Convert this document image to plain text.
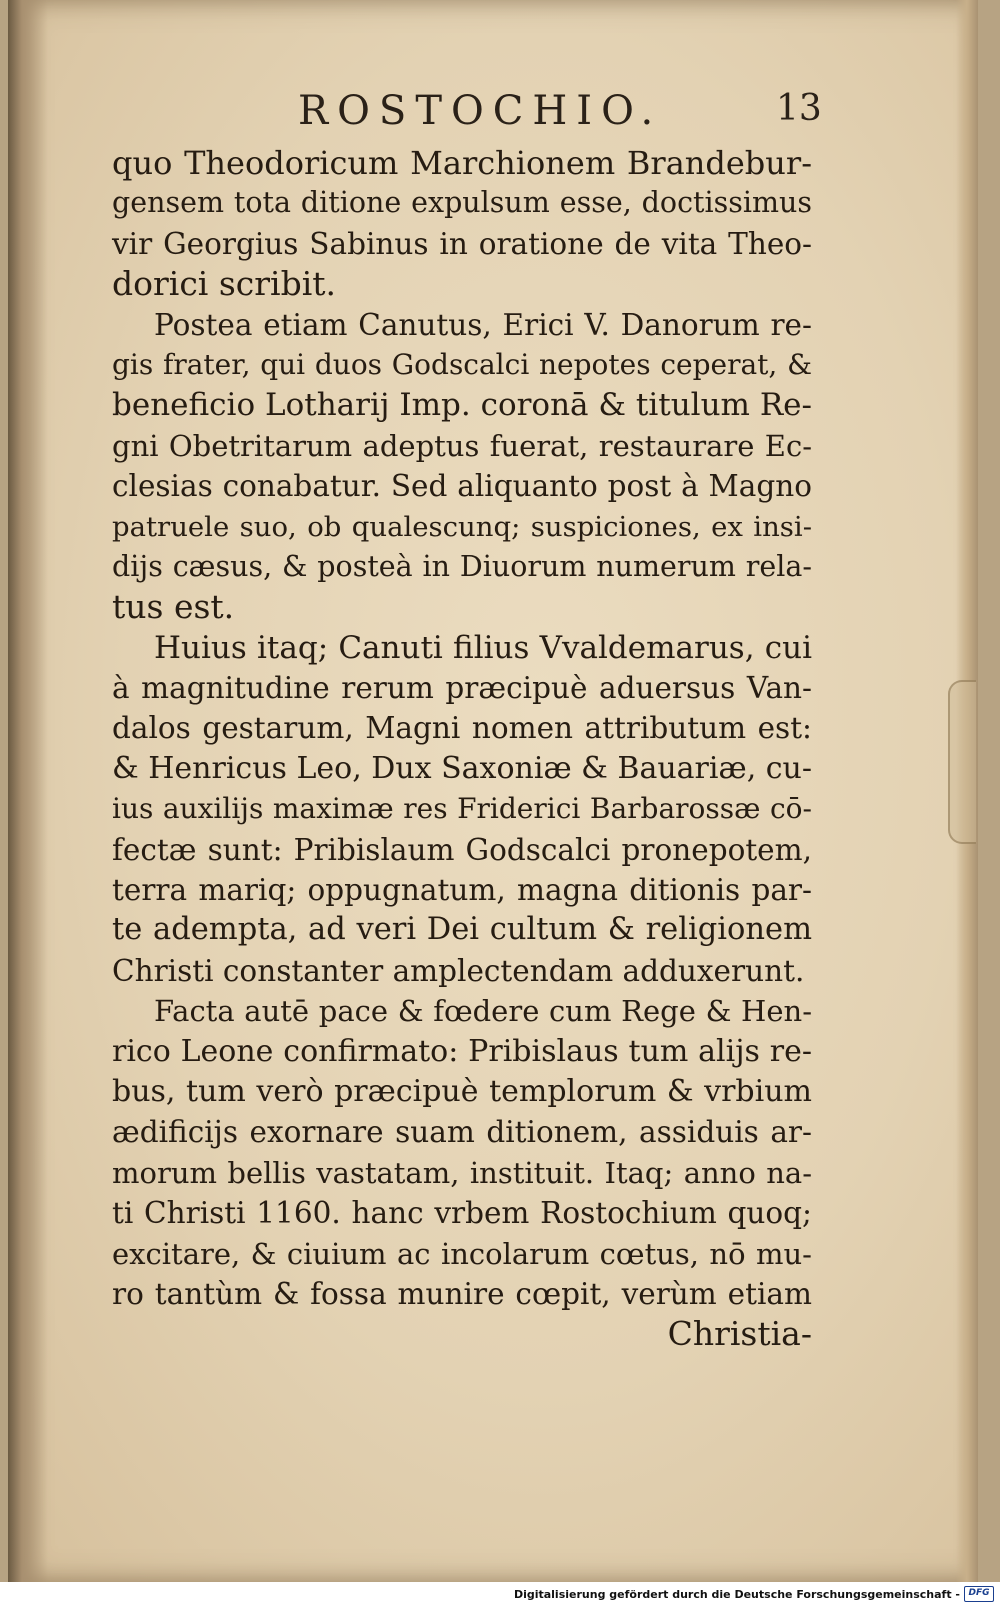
ROSTOCHIO.	13
quo Theodoricum Marchionem Brandebur-
gensem tota ditione expulsum esse, doctissimus
vir Georgius Sabinus in oratione de vita Theo-
dorici scribit.
Postea etiam Canutus, Erici V. Danorum re-
gis frater, qui duos Godscalci nepotes ceperat, &
beneficio Lotharij Imp. coronā & titulum Re-
gni Obetritarum adeptus fuerat, restaurare Ec-
clesias conabatur. Sed aliquanto post à Magno
patruele suo, ob qualescunq; suspiciones, ex insi-
dijs cæsus, & posteà in Diuorum numerum rela-
tus est.
Huius itaq; Canuti filius Vvaldemarus, cui
à magnitudine rerum præcipuè aduersus Van-
dalos gestarum, Magni nomen attributum est:
& Henricus Leo, Dux Saxoniæ & Bauariæ, cu-
ius auxilijs maximæ res Friderici Barbarossæ cō-
fectæ sunt: Pribislaum Godscalci pronepotem,
terra mariq; oppugnatum, magna ditionis par-
te adempta, ad veri Dei cultum & religionem
Christi constanter amplectendam adduxerunt.
Facta autē pace & fœdere cum Rege & Hen-
rico Leone confirmato: Pribislaus tum alijs re-
bus, tum verò præcipuè templorum & vrbium
ædificijs exornare suam ditionem, assiduis ar-
morum bellis vastatam, instituit. Itaq; anno na-
ti Christi 1160. hanc vrbem Rostochium quoq;
excitare, & ciuium ac incolarum cœtus, nō mu-
ro tantùm & fossa munire cœpit, verùm etiam
Christia-
Digitalisierung gefördert durch die Deutsche Forschungsgemeinschaft - DFG
